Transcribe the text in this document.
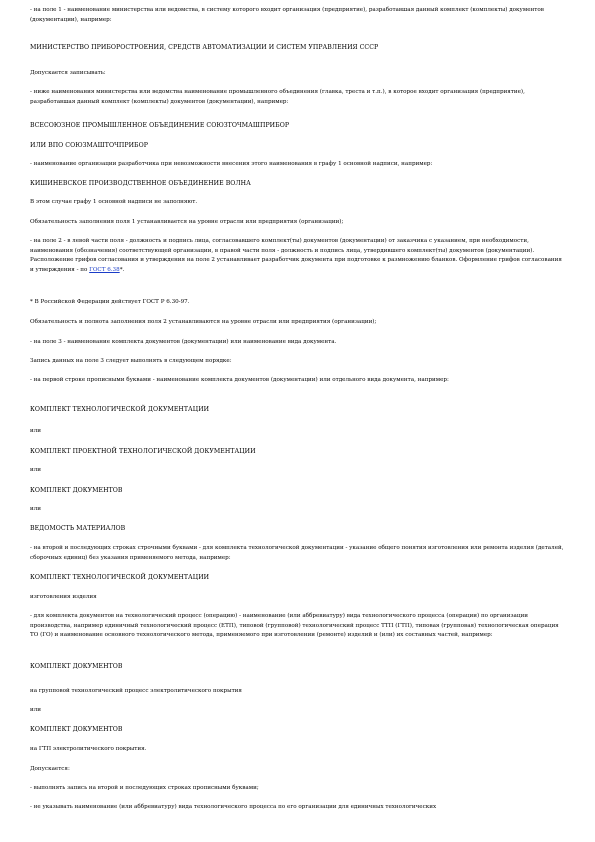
- на поле 1 - наименование министерства или ведомства, в систему которого входит организация (предприятие), разработавшая данный комплект (комплекты) документов (документации), например:

МИНИСТЕРСТВО ПРИБОРОСТРОЕНИЯ, СРЕДСТВ АВТОМАТИЗАЦИИ И СИСТЕМ УПРАВЛЕНИЯ СССР

Допускается записывать:

- ниже наименования министерства или ведомства наименование промышленного объединения (главка, треста и т.п.), в которое входит организация (предприятие), разработавшая данный комплект (комплекты) документов (документации), например:

ВСЕСОЮЗНОЕ ПРОМЫШЛЕННОЕ ОБЪЕДИНЕНИЕ СОЮЗТОЧМАШПРИБОР

ИЛИ ВПО СОЮЗМАШТОЧПРИБОР

- наименование организации разработчика при невозможности внесения этого наименования в графу 1 основной надписи, например:

КИШИНЕВСКОЕ ПРОИЗВОДСТВЕННОЕ ОБЪЕДИНЕНИЕ ВОЛНА

В этом случае графу 1 основной надписи не заполняют.

Обязательность заполнения поля 1 устанавливается на уровне отрасли или предприятия (организации);

- на поле 2 - в левой части поля - должность и подпись лица, согласовавшего комплект(ты) документов (документации) от заказчика с указанием, при необходимости, наименования (обозначения) соответствующей организации, в правой части поля - должность и подпись лица, утвердившего комплект(ты) документов (документации). Расположение грифов согласования и утверждения на поле 2 устанавливает разработчик документа при подготовке к размножению бланков. Оформление грифов согласования и утверждения - по ГОСТ 6.38*.

* В Российской Федерации действует ГОСТ Р 6.30-97.

Обязательность и полнота заполнения поля 2 устанавливаются на уровне отрасли или предприятия (организации);

- на поле 3 - наименование комплекта документов (документации) или наименование вида документа.

Запись данных на поле 3 следует выполнять в следующем порядке:

- на первой строке прописными буквами - наименование комплекта документов (документации) или отдельного вида документа, например:

КОМПЛЕКТ ТЕХНОЛОГИЧЕСКОЙ ДОКУМЕНТАЦИИ

или

КОМПЛЕКТ ПРОЕКТНОЙ ТЕХНОЛОГИЧЕСКОЙ ДОКУМЕНТАЦИИ

или

КОМПЛЕКТ ДОКУМЕНТОВ

или

ВЕДОМОСТЬ МАТЕРИАЛОВ

- на второй и последующих строках строчными буквами - для комплекта технологической документации - указание общего понятия изготовления или ремонта изделия (деталей, сборочных единиц) без указания применяемого метода, например:

КОМПЛЕКТ ТЕХНОЛОГИЧЕСКОЙ ДОКУМЕНТАЦИИ

изготовления изделия

- для комплекта документов на технологический процесс (операцию) - наименование (или аббревиатуру) вида технологического процесса (операции) по организации производства, например единичный технологический процесс (ЕТП), типовой (групповой) технологический процесс ТТП (ГТП), типовая (групповая) технологическая операция ТО (ГО) и наименование основного технологического метода, применяемого при изготовлении (ремонте) изделий и (или) их составных частей, например:

КОМПЛЕКТ ДОКУМЕНТОВ

на групповой технологический процесс электролитического покрытия

или

КОМПЛЕКТ ДОКУМЕНТОВ

на ГТП электролитического покрытия.

Допускается:

- выполнять запись на второй и последующих строках прописными буквами;

- не указывать наименование (или аббревиатуру) вида технологического процесса по его организации для единичных технологических
